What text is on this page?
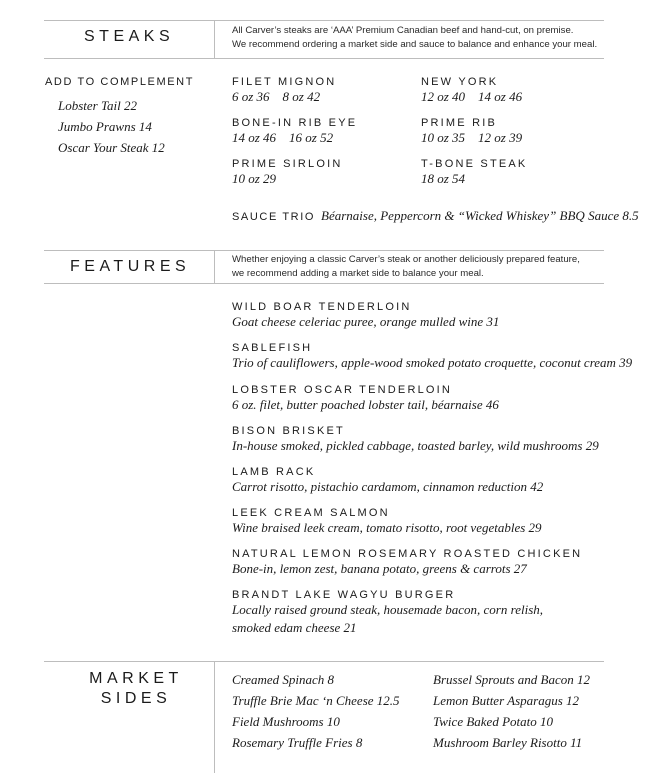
STEAKS	All Carver’s steaks are ‘AAA’ Premium Canadian beef and hand-cut, on premise.
We recommend ordering a market side and sauce to balance and enhance your meal.
ADD TO COMPLEMENT
Lobster Tail 22
Jumbo Prawns 14
Oscar Your Steak 12
FILET MIGNON
6 oz 36    8 oz 42
NEW YORK
12 oz 40    14 oz 46
BONE-IN RIB EYE
14 oz 46    16 oz 52
PRIME RIB
10 oz 35    12 oz 39
PRIME SIRLOIN
10 oz 29
T-BONE STEAK
18 oz 54
SAUCE TRIO Béarnaise, Peppercorn & “Wicked Whiskey” BBQ Sauce 8.5
FEATURES	Whether enjoying a classic Carver’s steak or another deliciously prepared feature,
we recommend adding a market side to balance your meal.
WILD BOAR TENDERLOIN
Goat cheese celeriac puree, orange mulled wine 31
SABLEFISH
Trio of cauliflowers, apple-wood smoked potato croquette, coconut cream 39
LOBSTER OSCAR TENDERLOIN
6 oz. filet, butter poached lobster tail, béarnaise 46
BISON BRISKET
In-house smoked, pickled cabbage, toasted barley, wild mushrooms 29
LAMB RACK
Carrot risotto, pistachio cardamom, cinnamon reduction 42
LEEK CREAM SALMON
Wine braised leek cream, tomato risotto, root vegetables 29
NATURAL LEMON ROSEMARY ROASTED CHICKEN
Bone-in, lemon zest, banana potato, greens & carrots 27
BRANDT LAKE WAGYU BURGER
Locally raised ground steak, housemade bacon, corn relish,
smoked edam cheese 21
MARKET
SIDES
Creamed Spinach 8
Truffle Brie Mac ‘n Cheese 12.5
Field Mushrooms 10
Rosemary Truffle Fries 8
Brussel Sprouts and Bacon 12
Lemon Butter Asparagus 12
Twice Baked Potato 10
Mushroom Barley Risotto 11
